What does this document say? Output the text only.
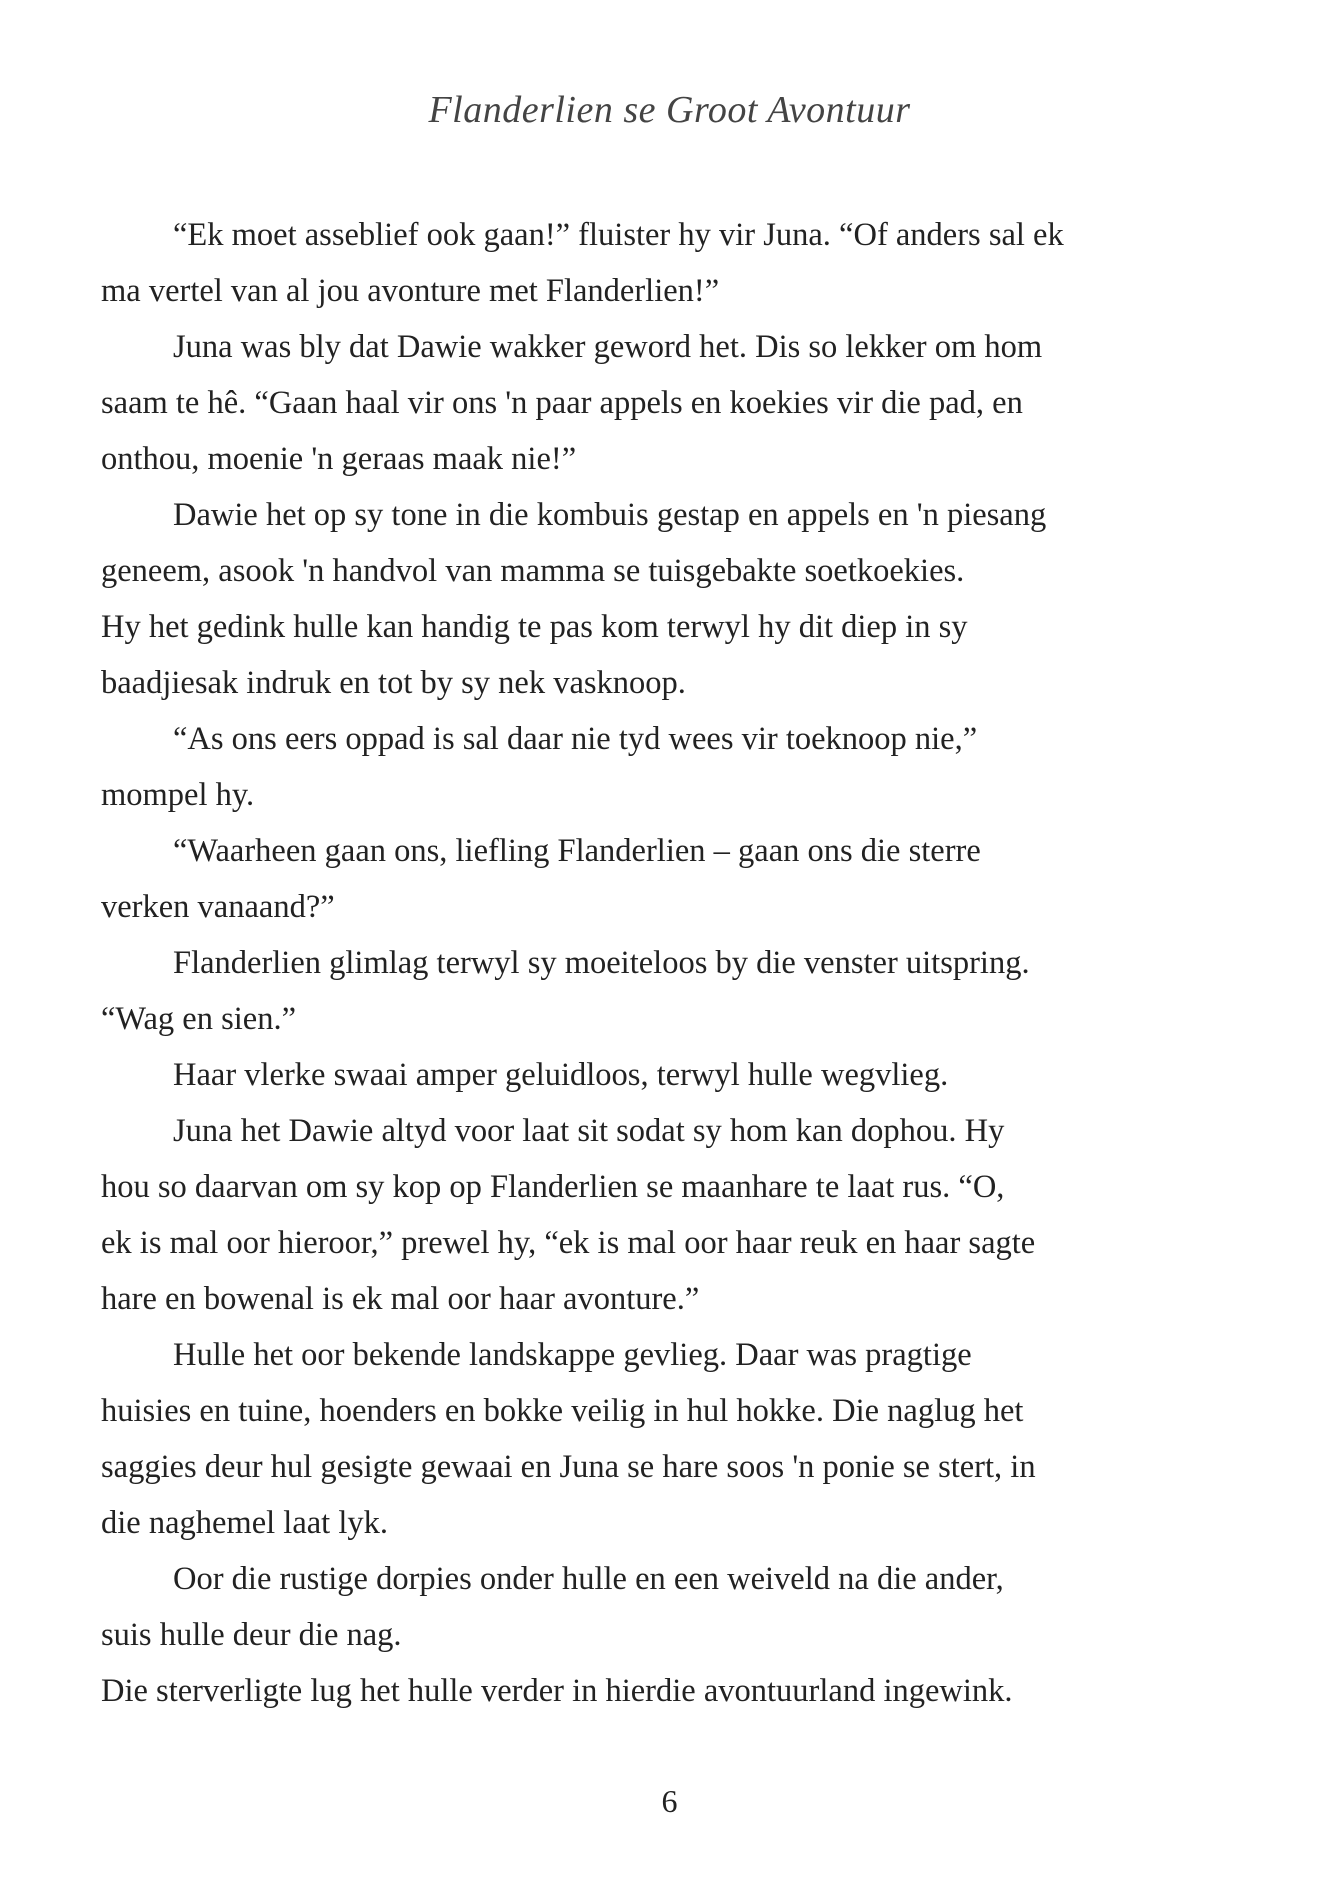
Flanderlien se Groot Avontuur
“Ek moet asseblief ook gaan!” fluister hy vir Juna. “Of anders sal ek
ma vertel van al jou avonture met Flanderlien!”
Juna was bly dat Dawie wakker geword het. Dis so lekker om hom
saam te hê. “Gaan haal vir ons 'n paar appels en koekies vir die pad, en
onthou, moenie 'n geraas maak nie!”
Dawie het op sy tone in die kombuis gestap en appels en 'n piesang
geneem, asook 'n handvol van mamma se tuisgebakte soetkoekies.
Hy het gedink hulle kan handig te pas kom terwyl hy dit diep in sy
baadjiesak indruk en tot by sy nek vasknoop.
“As ons eers oppad is sal daar nie tyd wees vir toeknoop nie,”
mompel hy.
“Waarheen gaan ons, liefling Flanderlien – gaan ons die sterre
verken vanaand?”
Flanderlien glimlag terwyl sy moeiteloos by die venster uitspring.
“Wag en sien.”
Haar vlerke swaai amper geluidloos, terwyl hulle wegvlieg.
Juna het Dawie altyd voor laat sit sodat sy hom kan dophou. Hy
hou so daarvan om sy kop op Flanderlien se maanhare te laat rus. “O,
ek is mal oor hieroor,” prewel hy, “ek is mal oor haar reuk en haar sagte
hare en bowenal is ek mal oor haar avonture.”
Hulle het oor bekende landskappe gevlieg. Daar was pragtige
huisies en tuine, hoenders en bokke veilig in hul hokke. Die naglug het
saggies deur hul gesigte gewaai en Juna se hare soos 'n ponie se stert, in
die naghemel laat lyk.
Oor die rustige dorpies onder hulle en een weiveld na die ander,
suis hulle deur die nag.
Die sterverligte lug het hulle verder in hierdie avontuurland ingewink.
6
